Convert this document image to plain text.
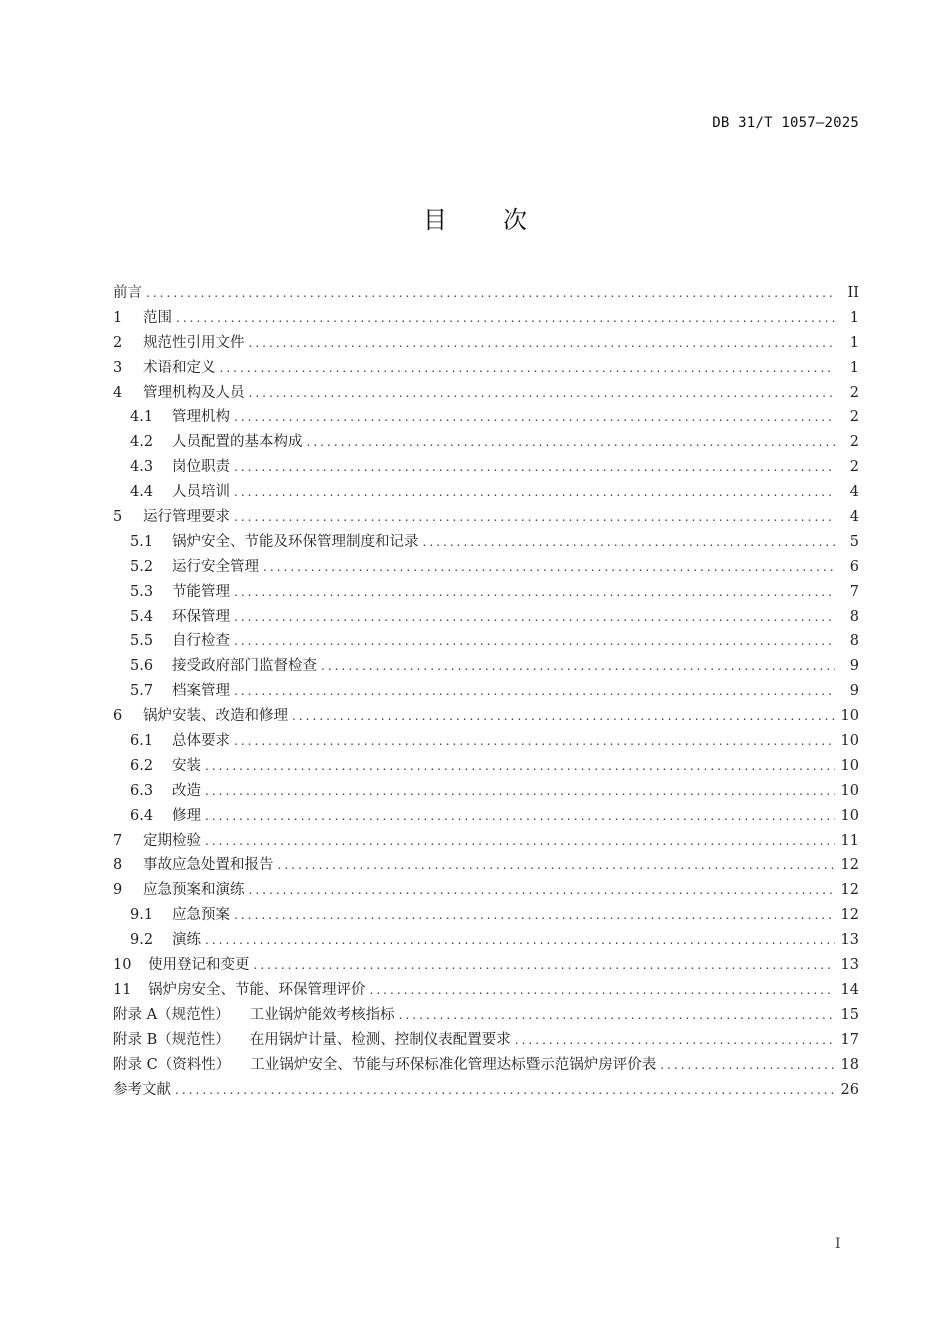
DB 31/T 1057—2025
目 次
前言 . . .	II
1	范围 . . .	1
2	规范性引用文件 . . .	1
3	术语和定义 . . .	1
4	管理机构及人员 . . .	2
4.1	管理机构 . . .	2
4.2	人员配置的基本构成 . . .	2
4.3	岗位职责 . . .	2
4.4	人员培训 . . .	4
5	运行管理要求 . . .	4
5.1	锅炉安全、节能及环保管理制度和记录 . . .	5
5.2	运行安全管理 . . .	6
5.3	节能管理 . . .	7
5.4	环保管理 . . .	8
5.5	自行检查 . . .	8
5.6	接受政府部门监督检查 . . .	9
5.7	档案管理 . . .	9
6	锅炉安装、改造和修理 . . .	10
6.1	总体要求 . . .	10
6.2	安装 . . .	10
6.3	改造 . . .	10
6.4	修理 . . .	10
7	定期检验 . . .	11
8	事故应急处置和报告 . . .	12
9	应急预案和演练 . . .	12
9.1	应急预案 . . .	12
9.2	演练 . . .	13
10	使用登记和变更 . . .	13
11	锅炉房安全、节能、环保管理评价 . . .	14
附录 A（规范性）	工业锅炉能效考核指标 . . .	15
附录 B（规范性）	在用锅炉计量、检测、控制仪表配置要求 . . .	17
附录 C（资料性）	工业锅炉安全、节能与环保标准化管理达标暨示范锅炉房评价表 . . .	18
参考文献 . . .	26
I
